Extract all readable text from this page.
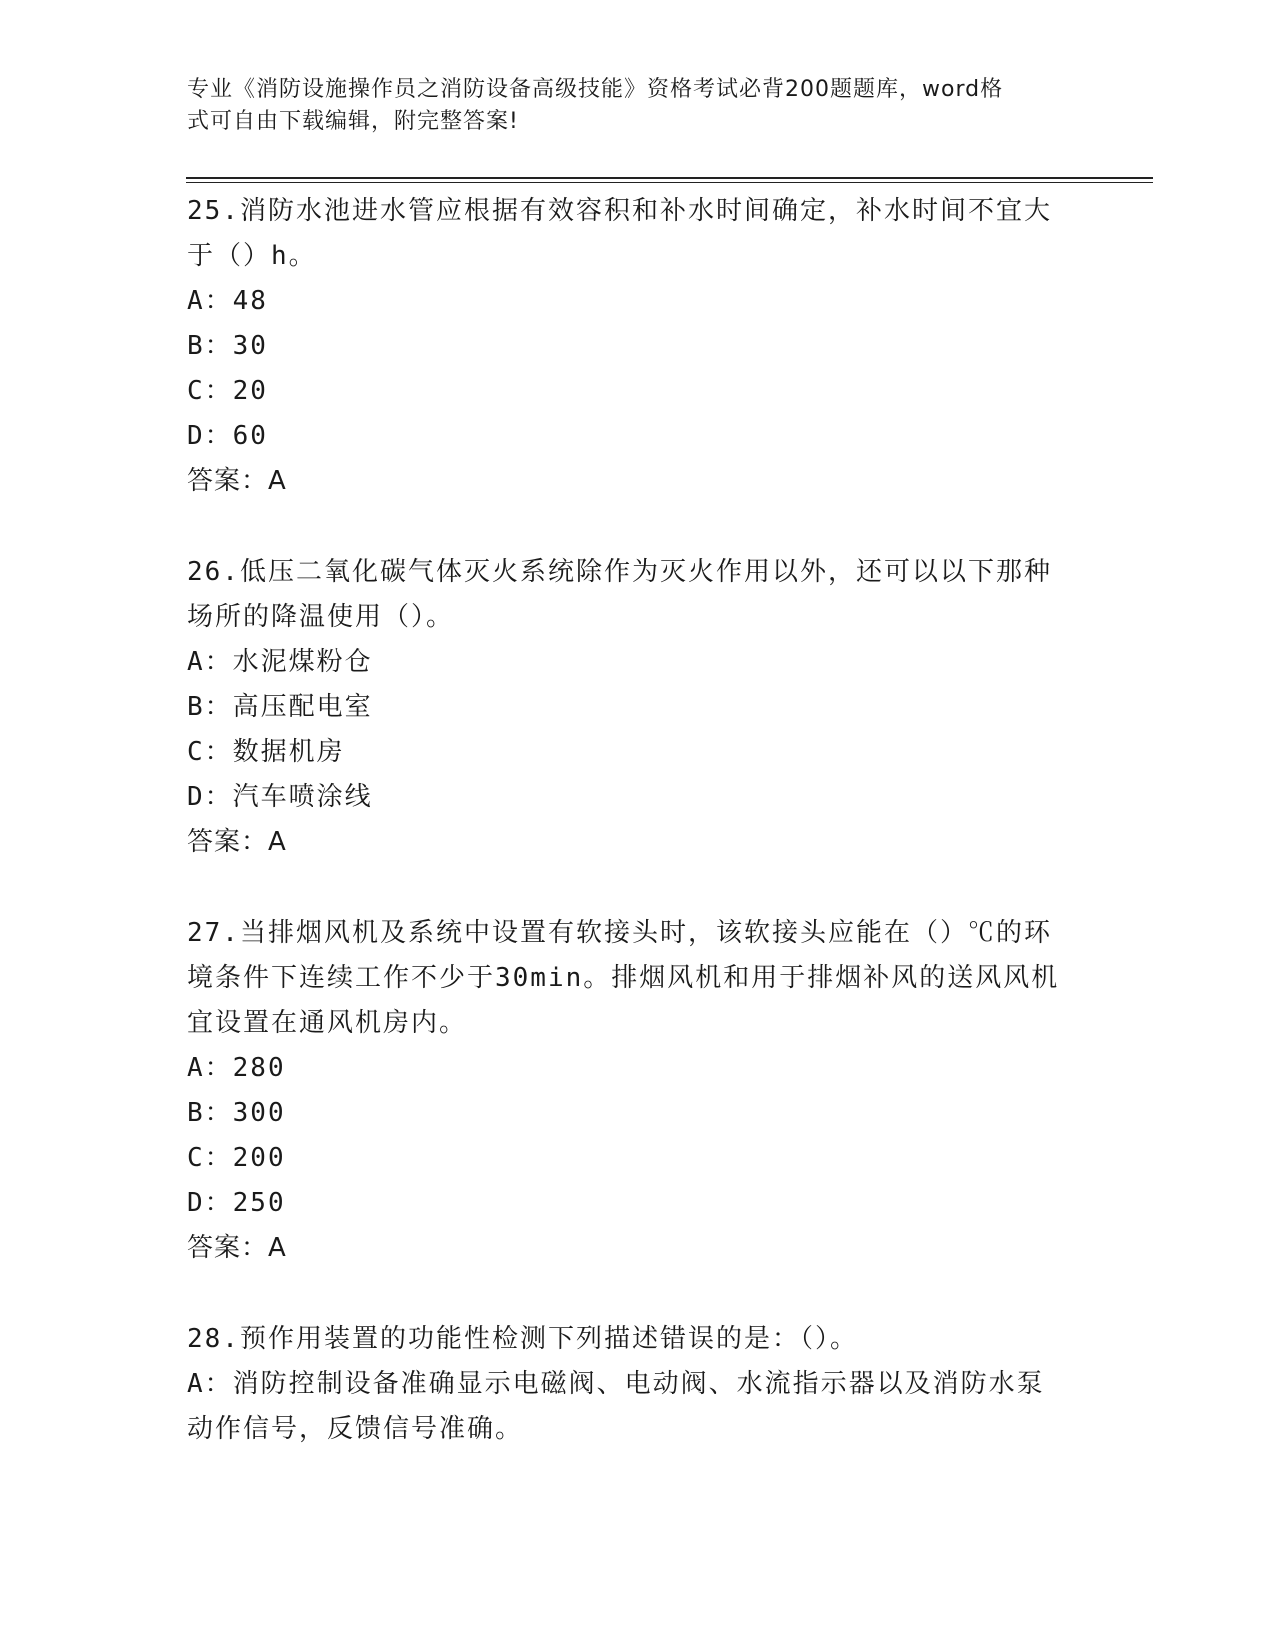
专业《消防设施操作员之消防设备高级技能》资格考试必背200题题库，word格
式可自由下载编辑，附完整答案!
25.消防水池进水管应根据有效容积和补水时间确定，补水时间不宜大
于（）h。
A：48
B：30
C：20
D：60
答案：A
26.低压二氧化碳气体灭火系统除作为灭火作用以外，还可以以下那种
场所的降温使用（）。
A：水泥煤粉仓
B：高压配电室
C：数据机房
D：汽车喷涂线
答案：A
27.当排烟风机及系统中设置有软接头时，该软接头应能在（）℃的环
境条件下连续工作不少于30min。排烟风机和用于排烟补风的送风风机
宜设置在通风机房内。
A：280
B：300
C：200
D：250
答案：A
28.预作用装置的功能性检测下列描述错误的是：（）。
A：消防控制设备准确显示电磁阀、电动阀、水流指示器以及消防水泵
动作信号，反馈信号准确。
